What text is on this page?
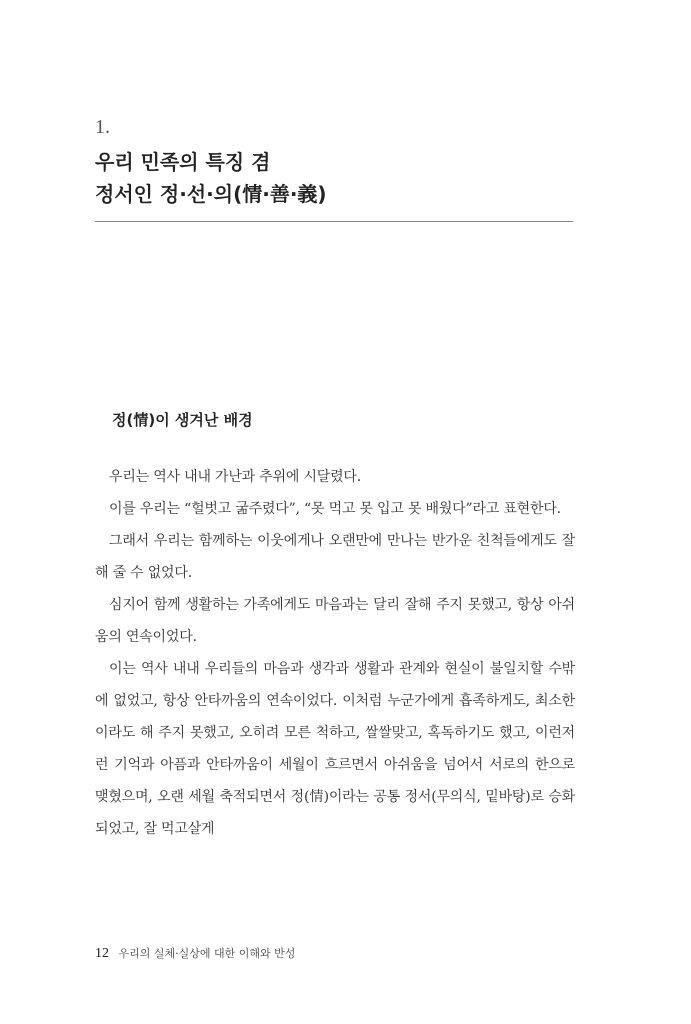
1.
우리 민족의 특징 겸
정서인 정·선·의(情·善·義)
정(情)이 생겨난 배경

우리는 역사 내내 가난과 추위에 시달렸다.

이를 우리는 “헐벗고 굶주렸다”, “못 먹고 못 입고 못 배웠다”라고 표현한다.

그래서 우리는 함께하는 이웃에게나 오랜만에 만나는 반가운 친척들에게도 잘해 줄 수 없었다.

심지어 함께 생활하는 가족에게도 마음과는 달리 잘해 주지 못했고, 항상 아쉬움의 연속이었다.

이는 역사 내내 우리들의 마음과 생각과 생활과 관계와 현실이 불일치할 수밖에 없었고, 항상 안타까움의 연속이었다. 이처럼 누군가에게 흡족하게도, 최소한이라도 해 주지 못했고, 오히려 모른 척하고, 쌀쌀맞고, 혹독하기도 했고, 이런저런 기억과 아픔과 안타까움이 세월이 흐르면서 아쉬움을 넘어서 서로의 한으로 맺혔으며, 오랜 세월 축적되면서 정(情)이라는 공통 정서(무의식, 밑바탕)로 승화되었고, 잘 먹고살게

12 우리의 실체·실상에 대한 이해와 반성
